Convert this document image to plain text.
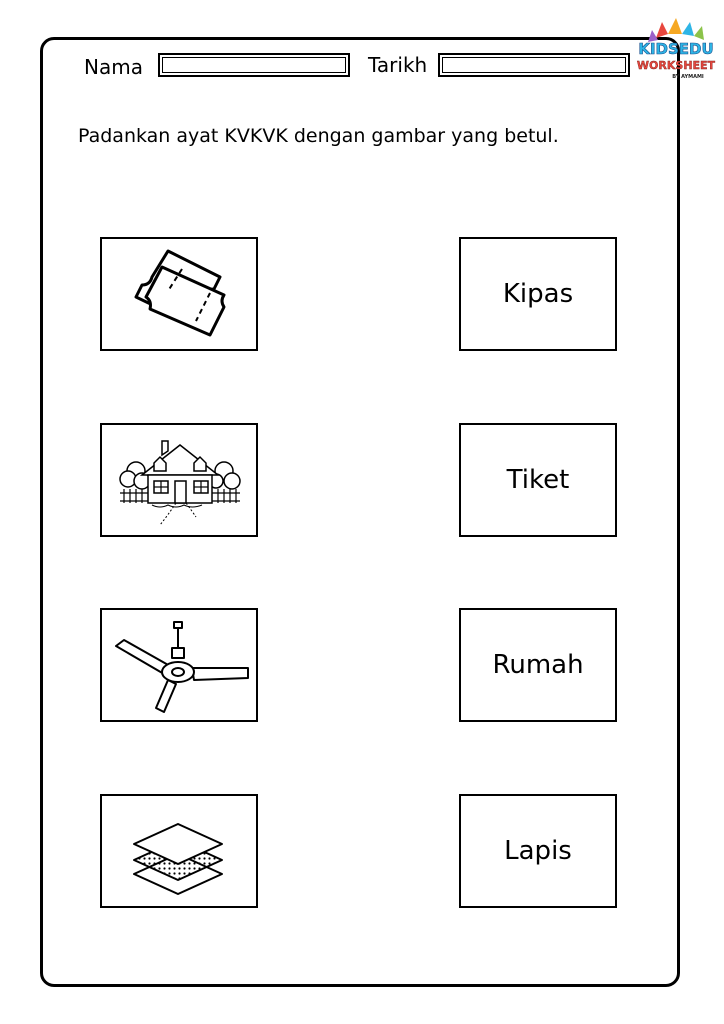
Nama	Tarikh
KIDSEDU
WORKSHEET
BY AYMAMI
Padankan ayat KVKVK dengan gambar yang betul.
Kipas
Tiket
Rumah
Lapis
